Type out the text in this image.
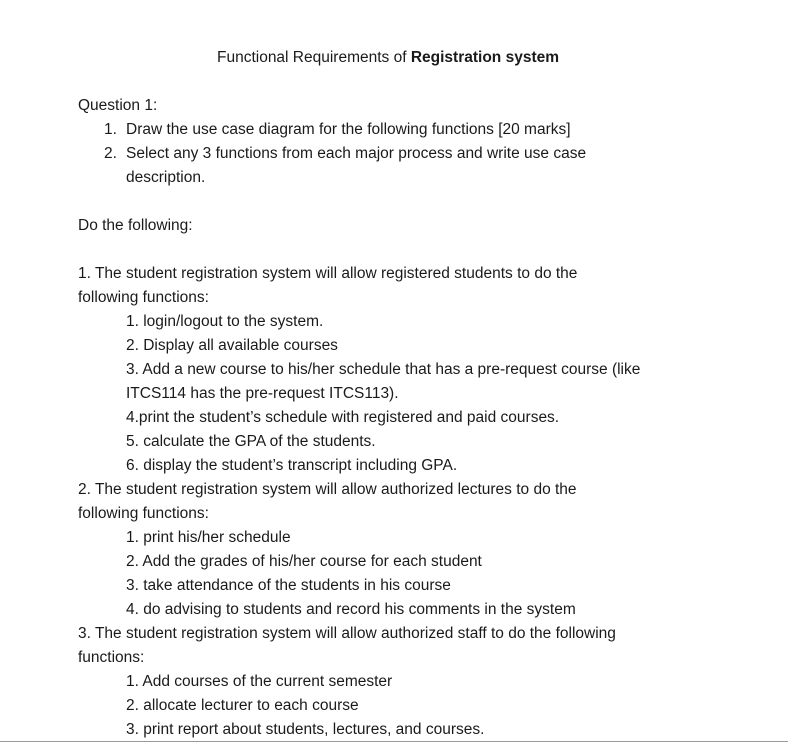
Functional Requirements of Registration system
Question 1:
1. Draw the use case diagram for the following functions [20 marks]
2. Select any 3 functions from each major process and write use case
description.
Do the following:
1. The student registration system will allow registered students to do the
following functions:
1. login/logout to the system.
2. Display all available courses
3. Add a new course to his/her schedule that has a pre-request course (like
ITCS114 has the pre-request ITCS113).
4.print the student’s schedule with registered and paid courses.
5. calculate the GPA of the students.
6. display the student’s transcript including GPA.
2. The student registration system will allow authorized lectures to do the
following functions:
1. print his/her schedule
2. Add the grades of his/her course for each student
3. take attendance of the students in his course
4. do advising to students and record his comments in the system
3. The student registration system will allow authorized staff to do the following
functions:
1. Add courses of the current semester
2. allocate lecturer to each course
3. print report about students, lectures, and courses.
